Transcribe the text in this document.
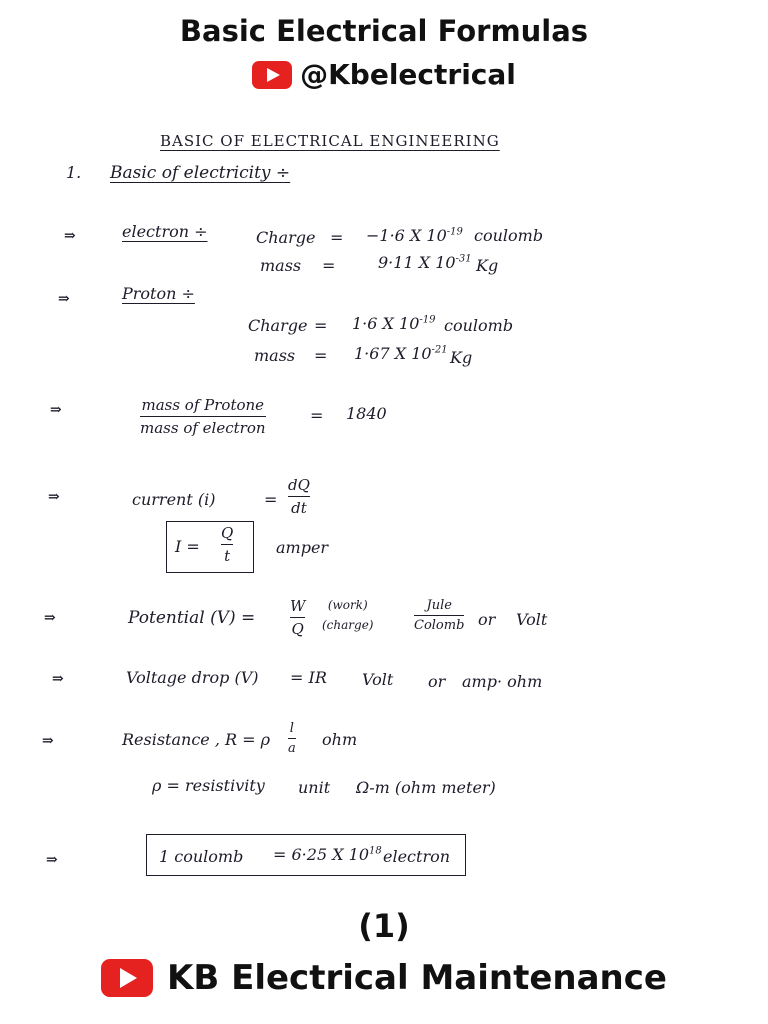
Basic Electrical Formulas
@Kbelectrical
BASIC OF ELECTRICAL ENGINEERING
1. Basic of electricity ÷
⇒	electron ÷	Charge = −1·6 X $10^{-19}$ coulomb
mass =	9·11 X $10^{-31}$ Kg
⇒	Proton ÷
Charge = 1·6 X $10^{-19}$ coulomb
mass = 1·67 X $10^{-21}$ Kg
⇒	mass of Protone
mass of electron
= 1840
⇒	current (i)	=
dQ
dt
I =
Q
t	amper
⇒	Potential (V) =
W
Q
(work)
(charge)
Jule
Colomb or Volt
⇒	Voltage drop (V) = IR Volt or amp· ohm
⇒	Resistance , R = ρ
l
a ohm
ρ = resistivity unit Ω-m (ohm meter)
⇒	1 coulomb = 6·25 X $10^{18}$ electron
(1)
KB Electrical Maintenance
